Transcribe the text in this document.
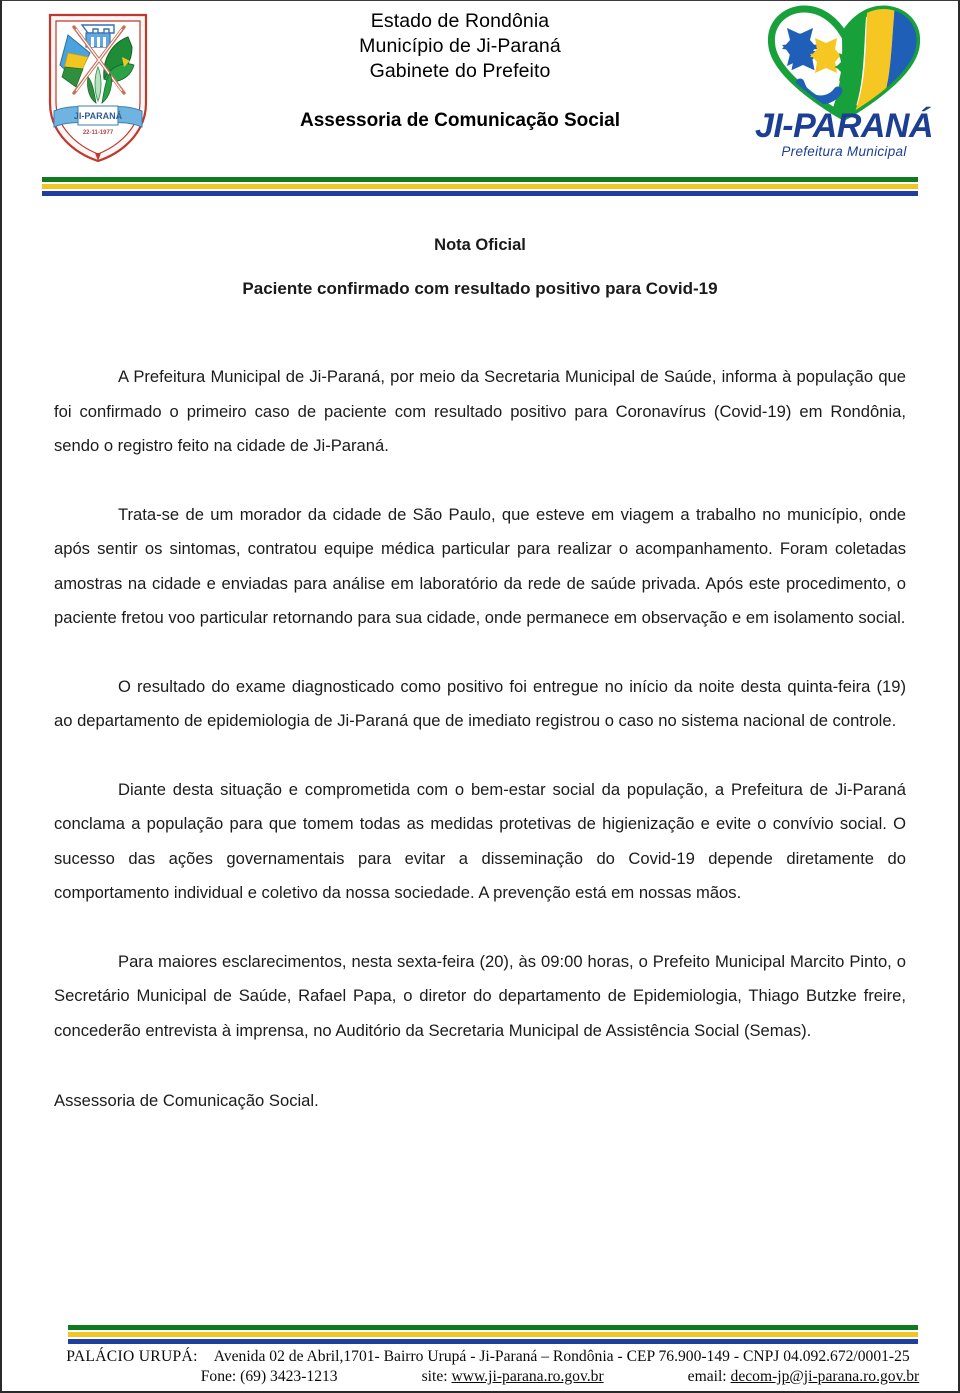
JI-PARANÁ
22-11-1977
Estado de Rondônia
Município de Ji-Paraná
Gabinete do Prefeito
Assessoria de Comunicação Social	JI-PARANÁ
Prefeitura Municipal
Nota Oficial
Paciente confirmado com resultado positivo para Covid-19

A Prefeitura Municipal de Ji-Paraná, por meio da Secretaria Municipal de Saúde, informa à população que foi confirmado o primeiro caso de paciente com resultado positivo para Coronavírus (Covid-19) em Rondônia, sendo o registro feito na cidade de Ji-Paraná.

Trata-se de um morador da cidade de São Paulo, que esteve em viagem a trabalho no município, onde após sentir os sintomas, contratou equipe médica particular para realizar o acompanhamento. Foram coletadas amostras na cidade e enviadas para análise em laboratório da rede de saúde privada. Após este procedimento, o paciente fretou voo particular retornando para sua cidade, onde permanece em observação e em isolamento social.

O resultado do exame diagnosticado como positivo foi entregue no início da noite desta quinta-feira (19) ao departamento de epidemiologia de Ji-Paraná que de imediato registrou o caso no sistema nacional de controle.

Diante desta situação e comprometida com o bem-estar social da população, a Prefeitura de Ji-Paraná conclama a população para que tomem todas as medidas protetivas de higienização e evite o convívio social. O sucesso das ações governamentais para evitar a disseminação do Covid-19 depende diretamente do comportamento individual e coletivo da nossa sociedade. A prevenção está em nossas mãos.

Para maiores esclarecimentos, nesta sexta-feira (20), às 09:00 horas, o Prefeito Municipal Marcito Pinto, o Secretário Municipal de Saúde, Rafael Papa, o diretor do departamento de Epidemiologia, Thiago Butzke freire, concederão entrevista à imprensa, no Auditório da Secretaria Municipal de Assistência Social (Semas).

Assessoria de Comunicação Social.

PALÁCIO URUPÁ:	Avenida 02 de Abril,1701- Bairro Urupá - Ji-Paraná – Rondônia - CEP 76.900-149 - CNPJ 04.092.672/0001-25
Fone: (69) 3423-1213	site:
www.ji-parana.ro.gov.br	email:
decom-jp@ji-parana.ro.gov.br
